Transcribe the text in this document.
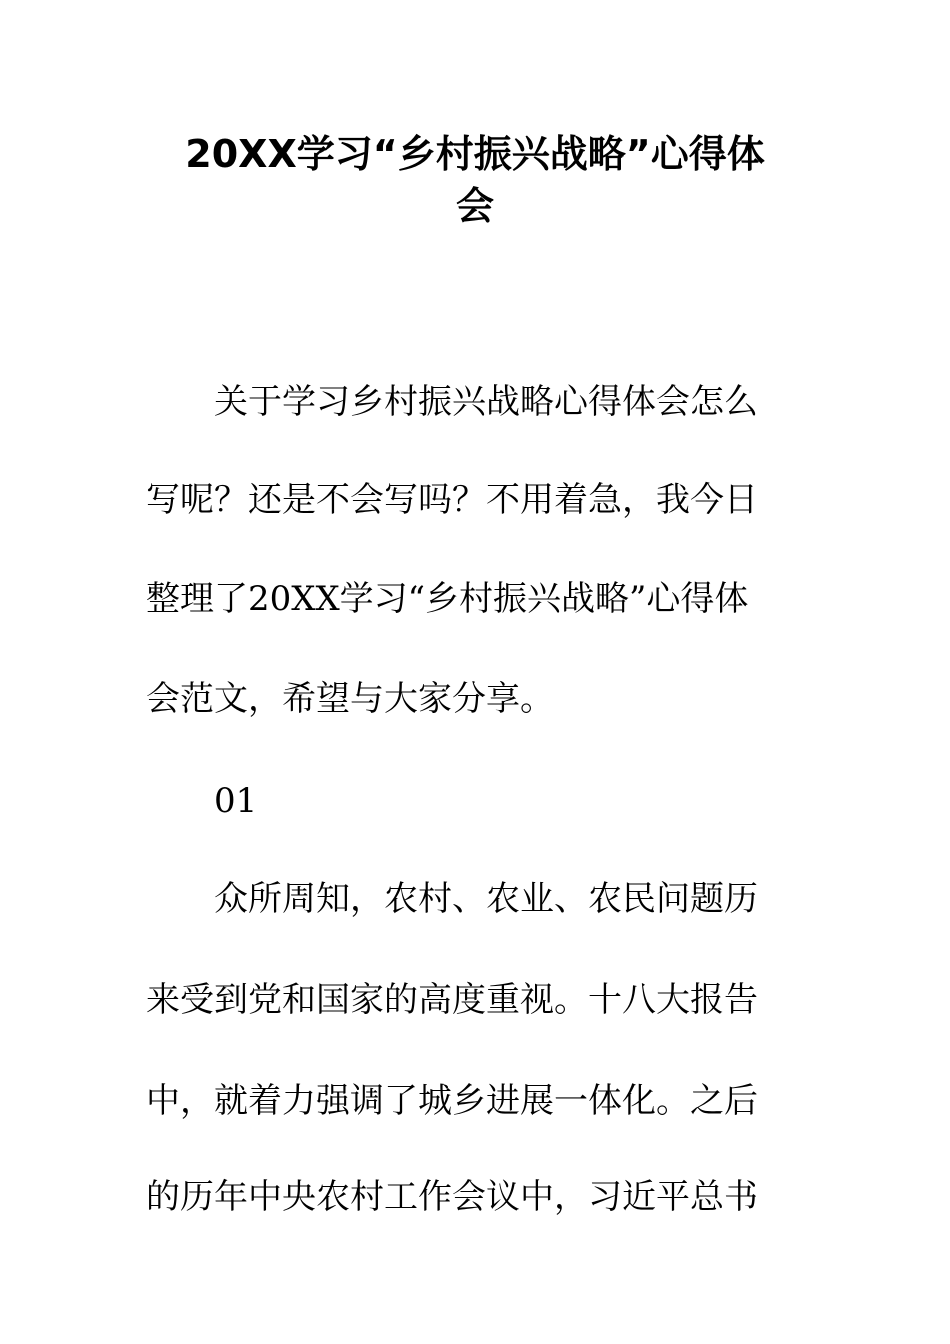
20XX学习“乡村振兴战略”心得体
会

关于学习乡村振兴战略心得体会怎么

写呢？还是不会写吗？不用着急，我今日

整理了20XX学习“乡村振兴战略”心得体

会范文，希望与大家分享。

01

众所周知，农村、农业、农民问题历

来受到党和国家的高度重视。十八大报告

中，就着力强调了城乡进展一体化。之后

的历年中央农村工作会议中，习近平总书
